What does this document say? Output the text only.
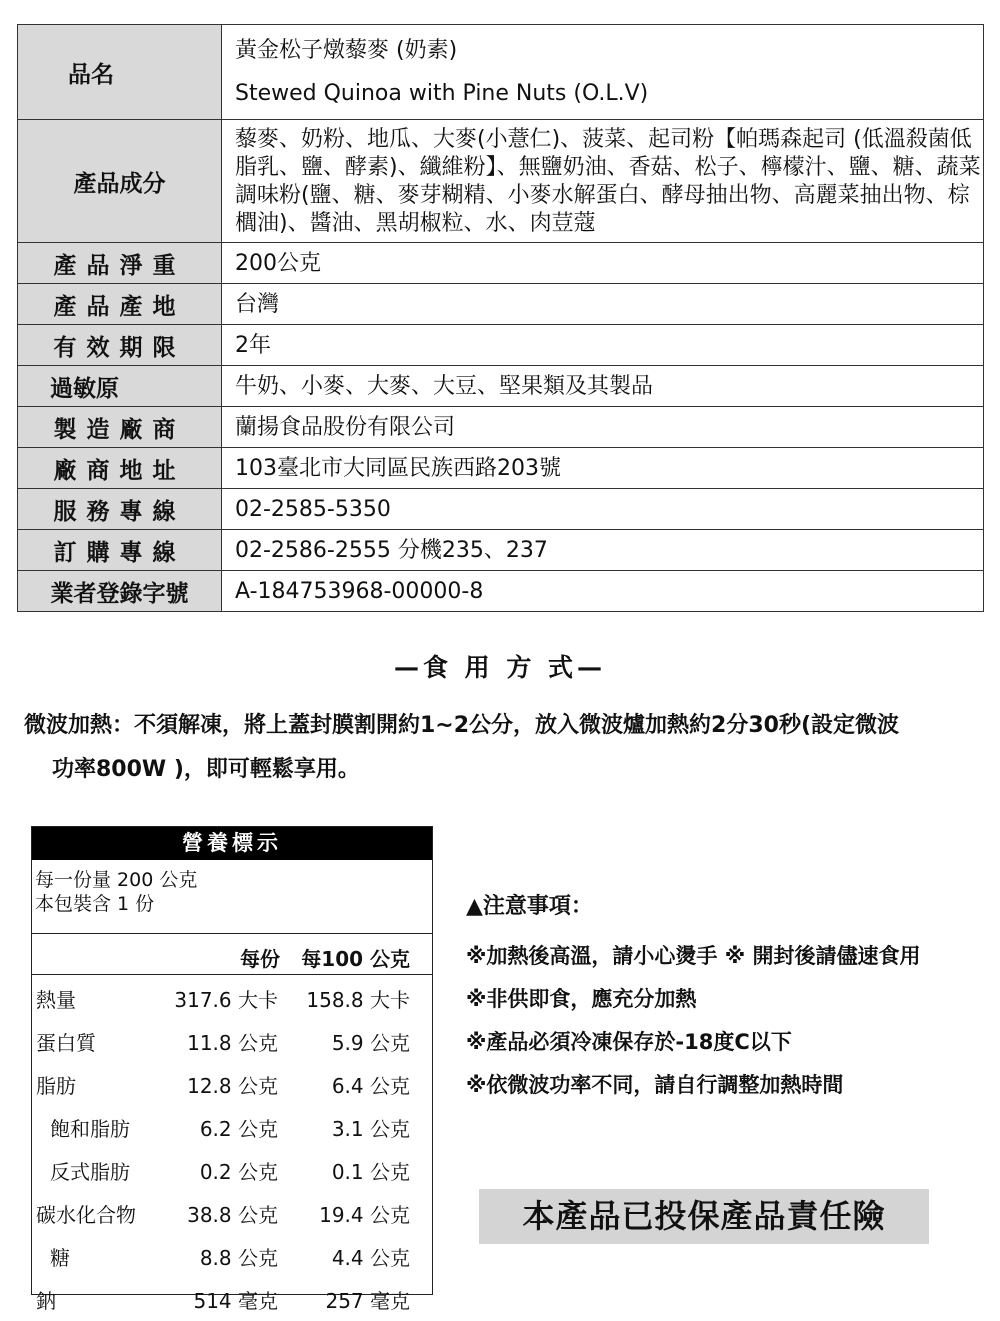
品名	黃金松子燉藜麥 (奶素)
Stewed Quinoa with Pine Nuts (O.L.V)

產品成分	藜麥、奶粉、地瓜、大麥(小薏仁)、菠菜、起司粉【帕瑪森起司 (低溫殺菌低脂乳、鹽、酵素)、纖維粉】、無鹽奶油、香菇、松子、檸檬汁、鹽、糖、蔬菜調味粉(鹽、糖、麥芽糊精、小麥水解蛋白、酵母抽出物、高麗菜抽出物、棕櫚油)、醬油、黑胡椒粒、水、肉荳蔻

產品淨重	200公克
產品產地	台灣
有效期限	2年

過敏原	牛奶、小麥、大麥、大豆、堅果類及其製品
製造廠商	蘭揚食品股份有限公司
廠商地址	103臺北市大同區民族西路203號
服務專線	02-2585-5350
訂購專線	02-2586-2555 分機235、237
業者登錄字號	A-184753968-00000-8
—食 用 方 式—
微波加熱：不須解凍，將上蓋封膜割開約1~2公分，放入微波爐加熱約2分30秒(設定微波
功率800W )，即可輕鬆享用。
營養標示
每一份量 200 公克
本包裝含 1 份
每份 每100 公克
熱量	317.6 大卡 158.8 大卡
蛋白質	11.8 公克	5.9 公克
脂肪	12.8 公克	6.4 公克
飽和脂肪	6.2 公克	3.1 公克
反式脂肪	0.2 公克	0.1 公克
碳水化合物	38.8 公克 19.4 公克
糖	8.8 公克	4.4 公克
鈉	514 毫克 257 毫克
▲注意事項：
※加熱後高溫，請小心燙手 ※ 開封後請儘速食用
※非供即食，應充分加熱
※產品必須冷凍保存於-18度C以下
※依微波功率不同，請自行調整加熱時間
本產品已投保產品責任險
